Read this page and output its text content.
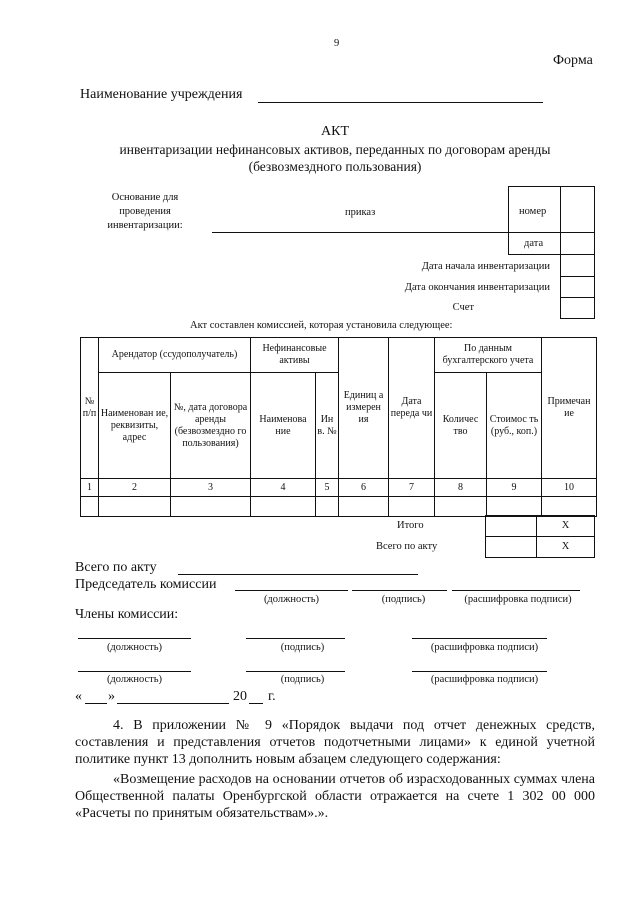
9
Форма
Наименование учреждения
АКТ
инвентаризации нефинансовых активов, переданных по договорам аренды
(безвозмездного пользования)
Основание для
проведения
инвентаризации:
приказ	номер
дата
Дата начала инвентаризации
Дата окончания инвентаризации
Счет
Акт составлен комиссией, которая установила следующее:
№ п/п	Арендатор (ссудополучатель)		Нефинансовые активы		Единиц а измерен ия	Дата переда чи	По данным бухгалтерского учета		Примечан ие
	Наименован ие, реквизиты, адрес	№, дата договора аренды (безвозмездно го пользования)	Наименова ние	Ин в. №			Количес тво	Стоимос ть (руб., коп.)	
1	2	3	4	5	6	7	8	9	10

Итого	Х
Всего по акту	Х
Всего по акту
Председатель комиссии
(должность)	(подпись)	(расшифровка подписи)
Члены комиссии:
(должность)	(подпись)	(расшифровка подписи)
(должность)	(подпись)	(расшифровка подписи)
« »	20 г.
4. В приложении № 9 «Порядок выдачи под отчет денежных средств, составления и представления отчетов подотчетными лицами» к единой учетной политике пункт 13 дополнить новым абзацем следующего содержания:
«Возмещение расходов на основании отчетов об израсходованных суммах члена Общественной палаты Оренбургской области отражается на счете 1 302 00 000 «Расчеты по принятым обязательствам».».
